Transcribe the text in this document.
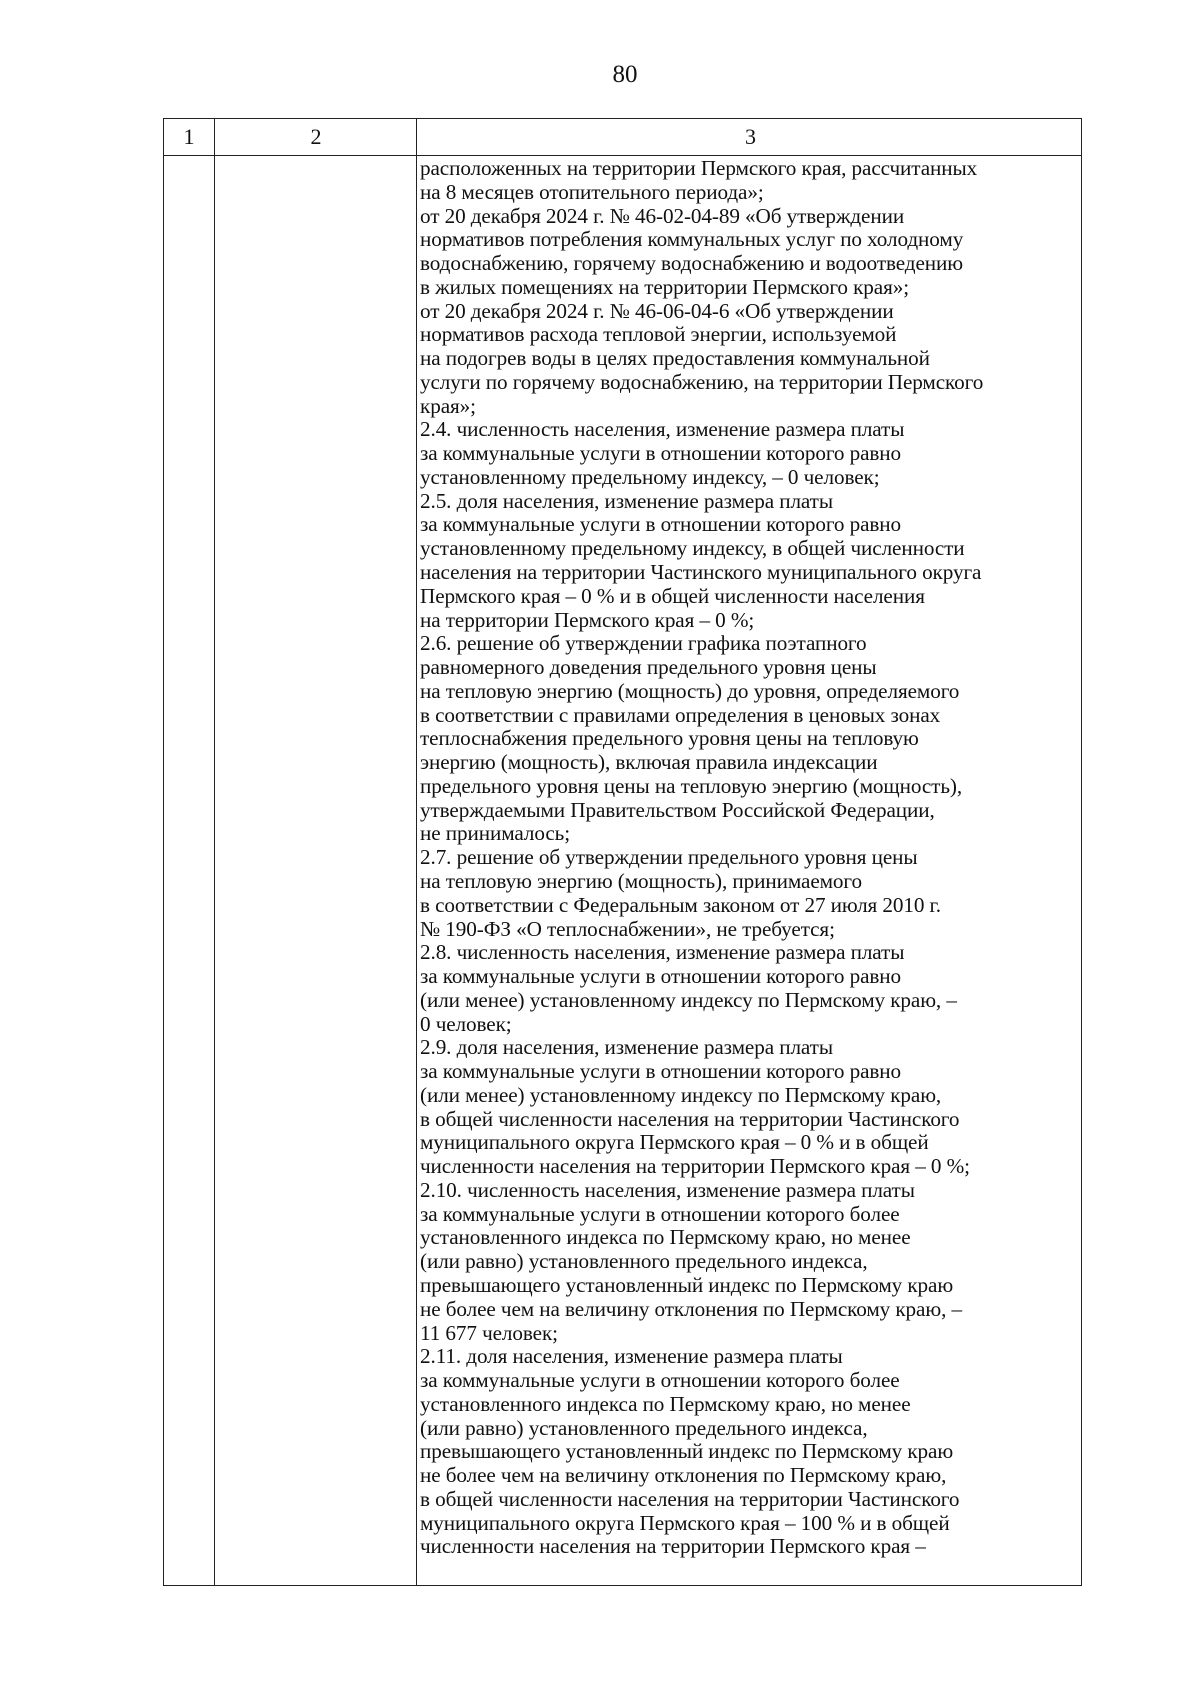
80
1	2	3
расположенных на территории Пермского края, рассчитанных
на 8 месяцев отопительного периода»;
от 20 декабря 2024 г. № 46-02-04-89 «Об утверждении
нормативов потребления коммунальных услуг по холодному
водоснабжению, горячему водоснабжению и водоотведению
в жилых помещениях на территории Пермского края»;
от 20 декабря 2024 г. № 46-06-04-6 «Об утверждении
нормативов расхода тепловой энергии, используемой
на подогрев воды в целях предоставления коммунальной
услуги по горячему водоснабжению, на территории Пермского
края»;
2.4. численность населения, изменение размера платы
за коммунальные услуги в отношении которого равно
установленному предельному индексу, – 0 человек;
2.5. доля населения, изменение размера платы
за коммунальные услуги в отношении которого равно
установленному предельному индексу, в общей численности
населения на территории Частинского муниципального округа
Пермского края – 0 % и в общей численности населения
на территории Пермского края – 0 %;
2.6. решение об утверждении графика поэтапного
равномерного доведения предельного уровня цены
на тепловую энергию (мощность) до уровня, определяемого
в соответствии с правилами определения в ценовых зонах
теплоснабжения предельного уровня цены на тепловую
энергию (мощность), включая правила индексации
предельного уровня цены на тепловую энергию (мощность),
утверждаемыми Правительством Российской Федерации,
не принималось;
2.7. решение об утверждении предельного уровня цены
на тепловую энергию (мощность), принимаемого
в соответствии с Федеральным законом от 27 июля 2010 г.
№ 190-ФЗ «О теплоснабжении», не требуется;
2.8. численность населения, изменение размера платы
за коммунальные услуги в отношении которого равно
(или менее) установленному индексу по Пермскому краю, –
0 человек;
2.9. доля населения, изменение размера платы
за коммунальные услуги в отношении которого равно
(или менее) установленному индексу по Пермскому краю,
в общей численности населения на территории Частинского
муниципального округа Пермского края – 0 % и в общей
численности населения на территории Пермского края – 0 %;
2.10. численность населения, изменение размера платы
за коммунальные услуги в отношении которого более
установленного индекса по Пермскому краю, но менее
(или равно) установленного предельного индекса,
превышающего установленный индекс по Пермскому краю
не более чем на величину отклонения по Пермскому краю, –
11 677 человек;
2.11. доля населения, изменение размера платы
за коммунальные услуги в отношении которого более
установленного индекса по Пермскому краю, но менее
(или равно) установленного предельного индекса,
превышающего установленный индекс по Пермскому краю
не более чем на величину отклонения по Пермскому краю,
в общей численности населения на территории Частинского
муниципального округа Пермского края – 100 % и в общей
численности населения на территории Пермского края –
